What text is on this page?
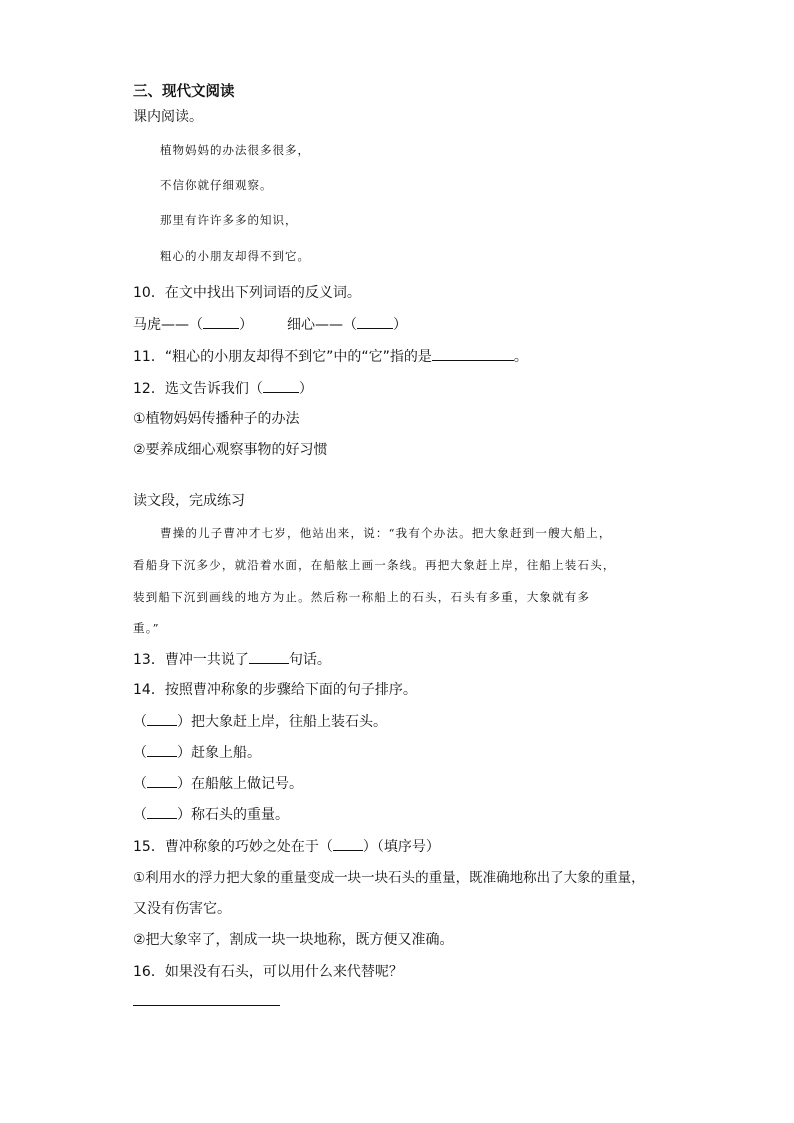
三、现代文阅读
课内阅读。
植物妈妈的办法很多很多，
不信你就仔细观察。
那里有许许多多的知识，
粗心的小朋友却得不到它。
10．在文中找出下列词语的反义词。
马虎——（	） 细心——（	）
11．“粗心的小朋友却得不到它”中的“它”指的是	。
12．选文告诉我们（	）
①植物妈妈传播种子的办法
②要养成细心观察事物的好习惯
读文段，完成练习
曹操的儿子曹冲才七岁，他站出来，说：“我有个办法。把大象赶到一艘大船上，
看船身下沉多少，就沿着水面，在船舷上画一条线。再把大象赶上岸，往船上装石头，
装到船下沉到画线的地方为止。然后称一称船上的石头，石头有多重，大象就有多
重。”
13．曹冲一共说了	句话。
14．按照曹冲称象的步骤给下面的句子排序。
（ ）把大象赶上岸，往船上装石头。
（ ）赶象上船。
（ ）在船舷上做记号。
（ ）称石头的重量。
15．曹冲称象的巧妙之处在于（ ）（填序号）
①利用水的浮力把大象的重量变成一块一块石头的重量，既准确地称出了大象的重量，
又没有伤害它。
②把大象宰了，割成一块一块地称，既方便又准确。
16．如果没有石头，可以用什么来代替呢？
